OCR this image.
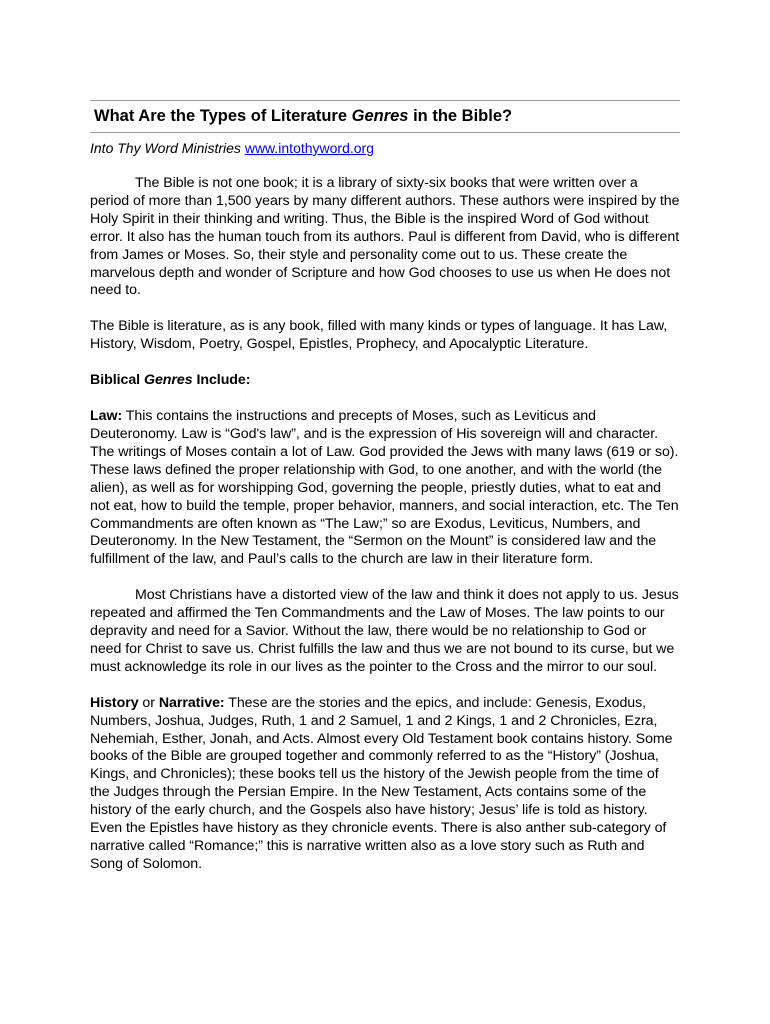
What Are the Types of Literature Genres in the Bible?
Into Thy Word Ministries www.intothyword.org

The Bible is not one book; it is a library of sixty-six books that were written over a period of more than 1,500 years by many different authors. These authors were inspired by the Holy Spirit in their thinking and writing. Thus, the Bible is the inspired Word of God without error. It also has the human touch from its authors. Paul is different from David, who is different from James or Moses. So, their style and personality come out to us. These create the marvelous depth and wonder of Scripture and how God chooses to use us when He does not need to.

The Bible is literature, as is any book, filled with many kinds or types of language. It has Law, History, Wisdom, Poetry, Gospel, Epistles, Prophecy, and Apocalyptic Literature.

Biblical Genres Include:

Law: This contains the instructions and precepts of Moses, such as Leviticus and Deuteronomy. Law is “God's law”, and is the expression of His sovereign will and character. The writings of Moses contain a lot of Law. God provided the Jews with many laws (619 or so). These laws defined the proper relationship with God, to one another, and with the world (the alien), as well as for worshipping God, governing the people, priestly duties, what to eat and not eat, how to build the temple, proper behavior, manners, and social interaction, etc. The Ten Commandments are often known as “The Law;” so are Exodus, Leviticus, Numbers, and Deuteronomy. In the New Testament, the “Sermon on the Mount” is considered law and the fulfillment of the law, and Paul’s calls to the church are law in their literature form.

Most Christians have a distorted view of the law and think it does not apply to us. Jesus repeated and affirmed the Ten Commandments and the Law of Moses. The law points to our depravity and need for a Savior. Without the law, there would be no relationship to God or need for Christ to save us. Christ fulfills the law and thus we are not bound to its curse, but we must acknowledge its role in our lives as the pointer to the Cross and the mirror to our soul.

History or Narrative: These are the stories and the epics, and include: Genesis, Exodus, Numbers, Joshua, Judges, Ruth, 1 and 2 Samuel, 1 and 2 Kings, 1 and 2 Chronicles, Ezra, Nehemiah, Esther, Jonah, and Acts. Almost every Old Testament book contains history. Some books of the Bible are grouped together and commonly referred to as the “History” (Joshua, Kings, and Chronicles); these books tell us the history of the Jewish people from the time of the Judges through the Persian Empire. In the New Testament, Acts contains some of the history of the early church, and the Gospels also have history; Jesus’ life is told as history. Even the Epistles have history as they chronicle events. There is also anther sub-category of narrative called “Romance;” this is narrative written also as a love story such as Ruth and Song of Solomon.
